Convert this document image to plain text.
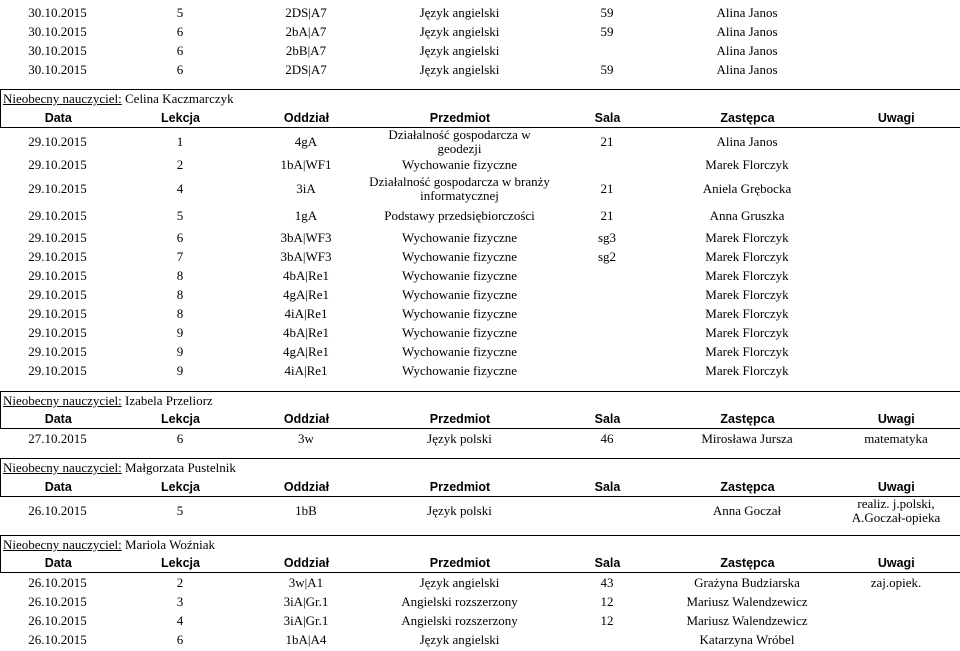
30.10.2015	5	2DS|A7	Język angielski	59	Alina Janos	
30.10.2015	6	2bA|A7	Język angielski	59	Alina Janos	
30.10.2015	6	2bB|A7	Język angielski		Alina Janos	
30.10.2015	6	2DS|A7	Język angielski	59	Alina Janos	
Nieobecny nauczyciel: Celina Kaczmarczyk
Data	Lekcja	Oddział	Przedmiot	Sala	Zastępca	Uwagi
29.10.2015	1	4gA	Działalność gospodarcza w geodezji	21	Alina Janos	
29.10.2015	2	1bA|WF1	Wychowanie fizyczne		Marek Florczyk	
29.10.2015	4	3iA	Działalność gospodarcza w branży informatycznej	21	Aniela Grębocka	
29.10.2015	5	1gA	Podstawy przedsiębiorczości	21	Anna Gruszka	
29.10.2015	6	3bA|WF3	Wychowanie fizyczne	sg3	Marek Florczyk	
29.10.2015	7	3bA|WF3	Wychowanie fizyczne	sg2	Marek Florczyk	
29.10.2015	8	4bA|Re1	Wychowanie fizyczne		Marek Florczyk	
29.10.2015	8	4gA|Re1	Wychowanie fizyczne		Marek Florczyk	
29.10.2015	8	4iA|Re1	Wychowanie fizyczne		Marek Florczyk	
29.10.2015	9	4bA|Re1	Wychowanie fizyczne		Marek Florczyk	
29.10.2015	9	4gA|Re1	Wychowanie fizyczne		Marek Florczyk	
29.10.2015	9	4iA|Re1	Wychowanie fizyczne		Marek Florczyk	
Nieobecny nauczyciel: Izabela Przeliorz
Data	Lekcja	Oddział	Przedmiot	Sala	Zastępca	Uwagi
27.10.2015	6	3w	Język polski	46	Mirosława Jursza	matematyka
Nieobecny nauczyciel: Małgorzata Pustelnik
Data	Lekcja	Oddział	Przedmiot	Sala	Zastępca	Uwagi
26.10.2015	5	1bB	Język polski		Anna Goczał	realiz. j.polski, A.Goczał-opieka
Nieobecny nauczyciel: Mariola Woźniak
Data	Lekcja	Oddział	Przedmiot	Sala	Zastępca	Uwagi
26.10.2015	2	3w|A1	Język angielski	43	Grażyna Budziarska	zaj.opiek.
26.10.2015	3	3iA|Gr.1	Angielski rozszerzony	12	Mariusz Walendzewicz	
26.10.2015	4	3iA|Gr.1	Angielski rozszerzony	12	Mariusz Walendzewicz	
26.10.2015	6	1bA|A4	Język angielski		Katarzyna Wróbel	
